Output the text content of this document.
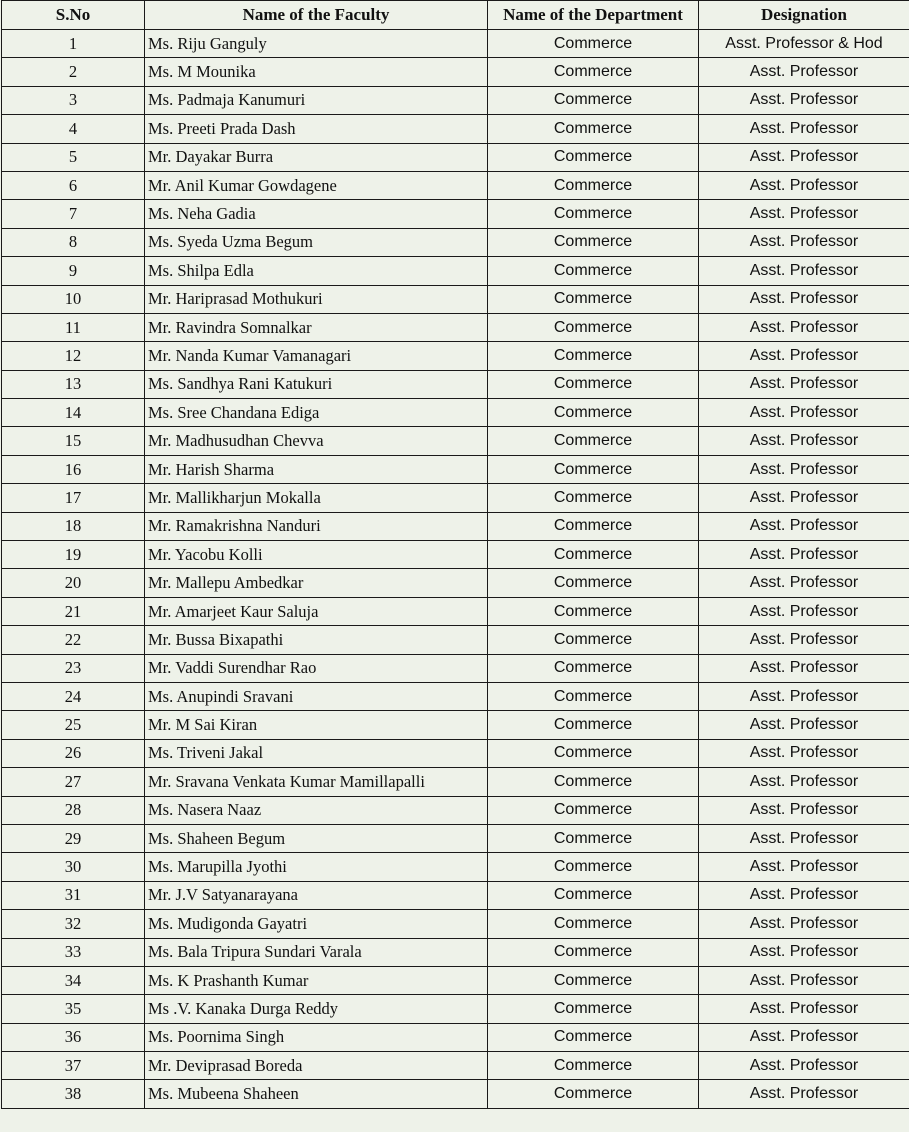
S.No	Name of the Faculty	Name of the Department	Designation
1	Ms. Riju Ganguly	Commerce	Asst. Professor & Hod
2	Ms. M Mounika	Commerce	Asst. Professor
3	Ms. Padmaja Kanumuri	Commerce	Asst. Professor
4	Ms. Preeti Prada Dash	Commerce	Asst. Professor
5	Mr. Dayakar Burra	Commerce	Asst. Professor
6	Mr. Anil Kumar Gowdagene	Commerce	Asst. Professor
7	Ms. Neha Gadia	Commerce	Asst. Professor
8	Ms. Syeda Uzma Begum	Commerce	Asst. Professor
9	Ms. Shilpa Edla	Commerce	Asst. Professor
10	Mr. Hariprasad Mothukuri	Commerce	Asst. Professor
11	Mr. Ravindra Somnalkar	Commerce	Asst. Professor
12	Mr. Nanda Kumar Vamanagari	Commerce	Asst. Professor
13	Ms. Sandhya Rani Katukuri	Commerce	Asst. Professor
14	Ms. Sree Chandana Ediga	Commerce	Asst. Professor
15	Mr. Madhusudhan Chevva	Commerce	Asst. Professor
16	Mr. Harish Sharma	Commerce	Asst. Professor
17	Mr. Mallikharjun Mokalla	Commerce	Asst. Professor
18	Mr. Ramakrishna Nanduri	Commerce	Asst. Professor
19	Mr. Yacobu Kolli	Commerce	Asst. Professor
20	Mr. Mallepu Ambedkar	Commerce	Asst. Professor
21	Mr. Amarjeet Kaur Saluja	Commerce	Asst. Professor
22	Mr. Bussa Bixapathi	Commerce	Asst. Professor
23	Mr. Vaddi Surendhar Rao	Commerce	Asst. Professor
24	Ms. Anupindi Sravani	Commerce	Asst. Professor
25	Mr. M Sai Kiran	Commerce	Asst. Professor
26	Ms. Triveni Jakal	Commerce	Asst. Professor
27	Mr. Sravana Venkata Kumar Mamillapalli	Commerce	Asst. Professor
28	Ms. Nasera Naaz	Commerce	Asst. Professor
29	Ms. Shaheen Begum	Commerce	Asst. Professor
30	Ms. Marupilla Jyothi	Commerce	Asst. Professor
31	Mr. J.V Satyanarayana	Commerce	Asst. Professor
32	Ms. Mudigonda Gayatri	Commerce	Asst. Professor
33	Ms. Bala Tripura Sundari Varala	Commerce	Asst. Professor
34	Ms. K Prashanth Kumar	Commerce	Asst. Professor
35	Ms .V. Kanaka Durga Reddy	Commerce	Asst. Professor
36	Ms. Poornima Singh	Commerce	Asst. Professor
37	Mr. Deviprasad Boreda	Commerce	Asst. Professor
38	Ms. Mubeena Shaheen	Commerce	Asst. Professor
